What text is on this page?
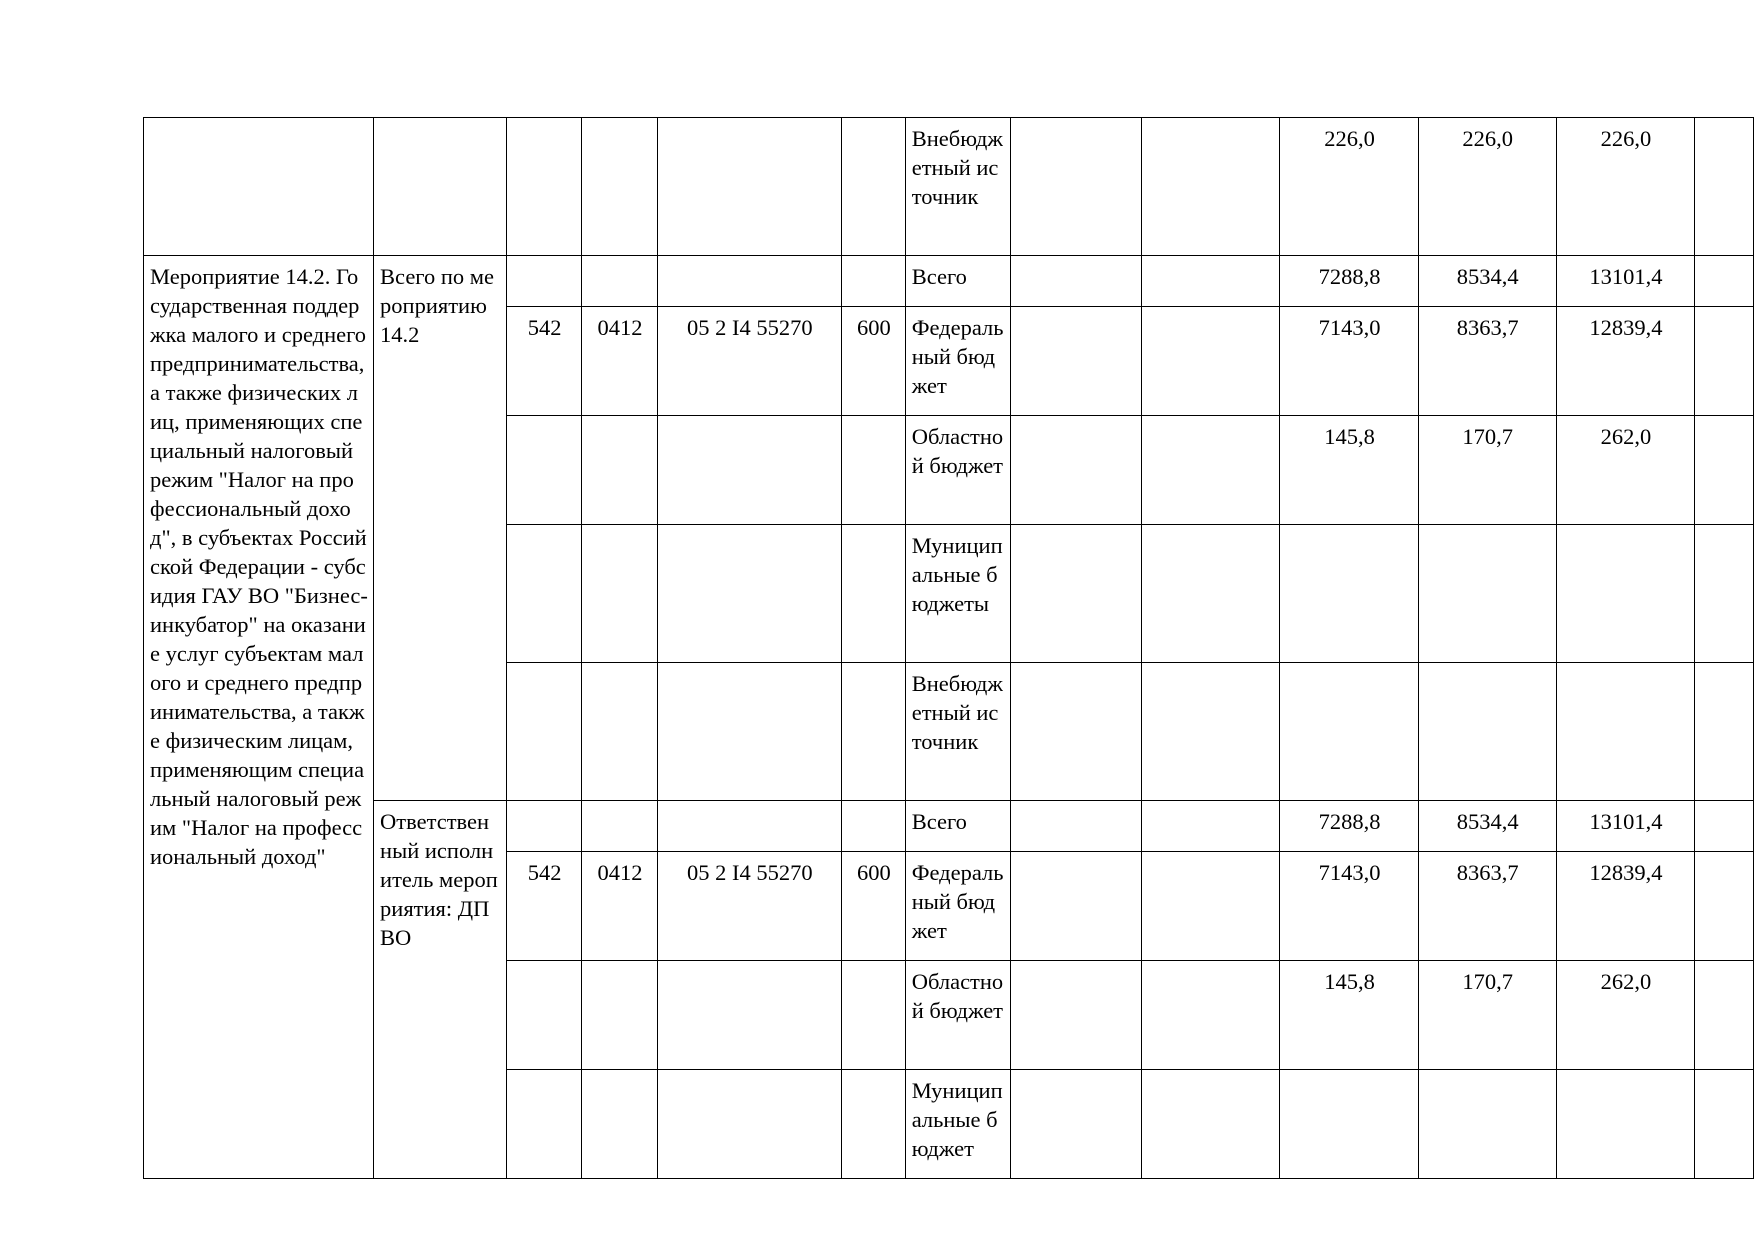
						Внебюджетный источник			226,0	226,0	226,0	
Мероприятие 14.2. Государственная поддержка малого и среднего предпринимательства, а также физических лиц, применяющих специальный налоговый режим "Налог на профессиональный доход", в субъектах Российской Федерации - субсидия ГАУ ВО "Бизнес-инкубатор" на оказание услуг субъектам малого и среднего предпринимательства, а также физическим лицам, применяющим специальный налоговый режим "Налог на профессиональный доход"	Всего по мероприятию 14.2					Всего			7288,8	8534,4	13101,4	
		542	0412	05 2 I4 55270	600	Федеральный бюджет			7143,0	8363,7	12839,4	
						Областной бюджет			145,8	170,7	262,0	
						Муниципальные бюджеты						
						Внебюджетный источник						
	Ответственный исполнитель мероприятия: ДП ВО					Всего			7288,8	8534,4	13101,4	
		542	0412	05 2 I4 55270	600	Федеральный бюджет			7143,0	8363,7	12839,4	
						Областной бюджет			145,8	170,7	262,0	
						Муниципальные бюджет						
